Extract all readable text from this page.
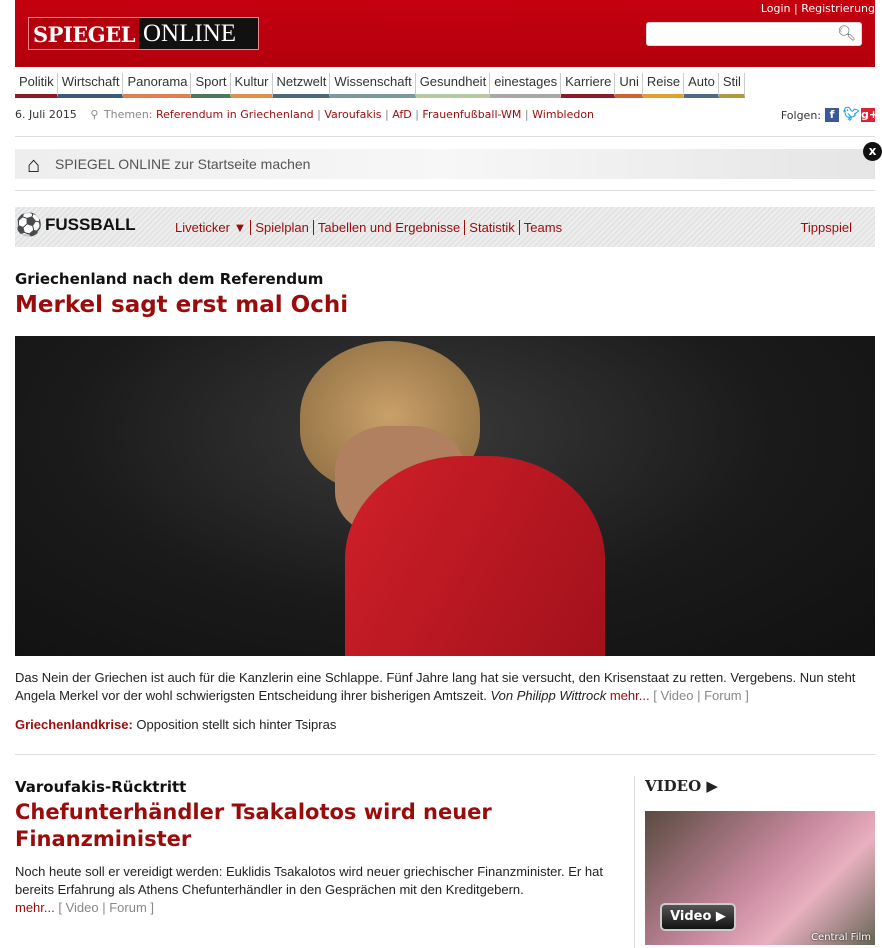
SPIEGEL ONLINE
Login | Registrierung
🔍︎
Politik Wirtschaft Panorama Sport Kultur Netzwelt Wissenschaft Gesundheit einestages Karriere Uni Reise Auto Stil
6. Juli 2015 ⚲ Themen: Referendum in Griechenland | Varoufakis | AfD | Frauenfußball-WM | Wimbledon	Folgen: f 🐦︎ g+
⌂ SPIEGEL ONLINE zur Startseite machen
x
⚽ FUSSBALL	Liveticker ▼ Spielplan Tabellen und Ergebnisse Statistik Teams	Tippspiel
Griechenland nach dem Referendum
Merkel sagt erst mal Ochi
Das Nein der Griechen ist auch für die Kanzlerin eine Schlappe. Fünf Jahre lang hat sie versucht, den Krisenstaat zu retten. Vergebens. Nun steht Angela Merkel vor der wohl schwierigsten Entscheidung ihrer bisherigen Amtszeit. Von Philipp Wittrock mehr... [ Video | Forum ]
Griechenlandkrise: Opposition stellt sich hinter Tsipras
Varoufakis-Rücktritt
Chefunterhändler Tsakalotos wird neuer Finanzminister
Noch heute soll er vereidigt werden: Euklidis Tsakalotos wird neuer griechischer Finanzminister. Er hat bereits Erfahrung als Athens Chefunterhändler in den Gesprächen mit den Kreditgebern.
mehr... [ Video | Forum ]
VIDEO ▶
Video ▶
Central Film
